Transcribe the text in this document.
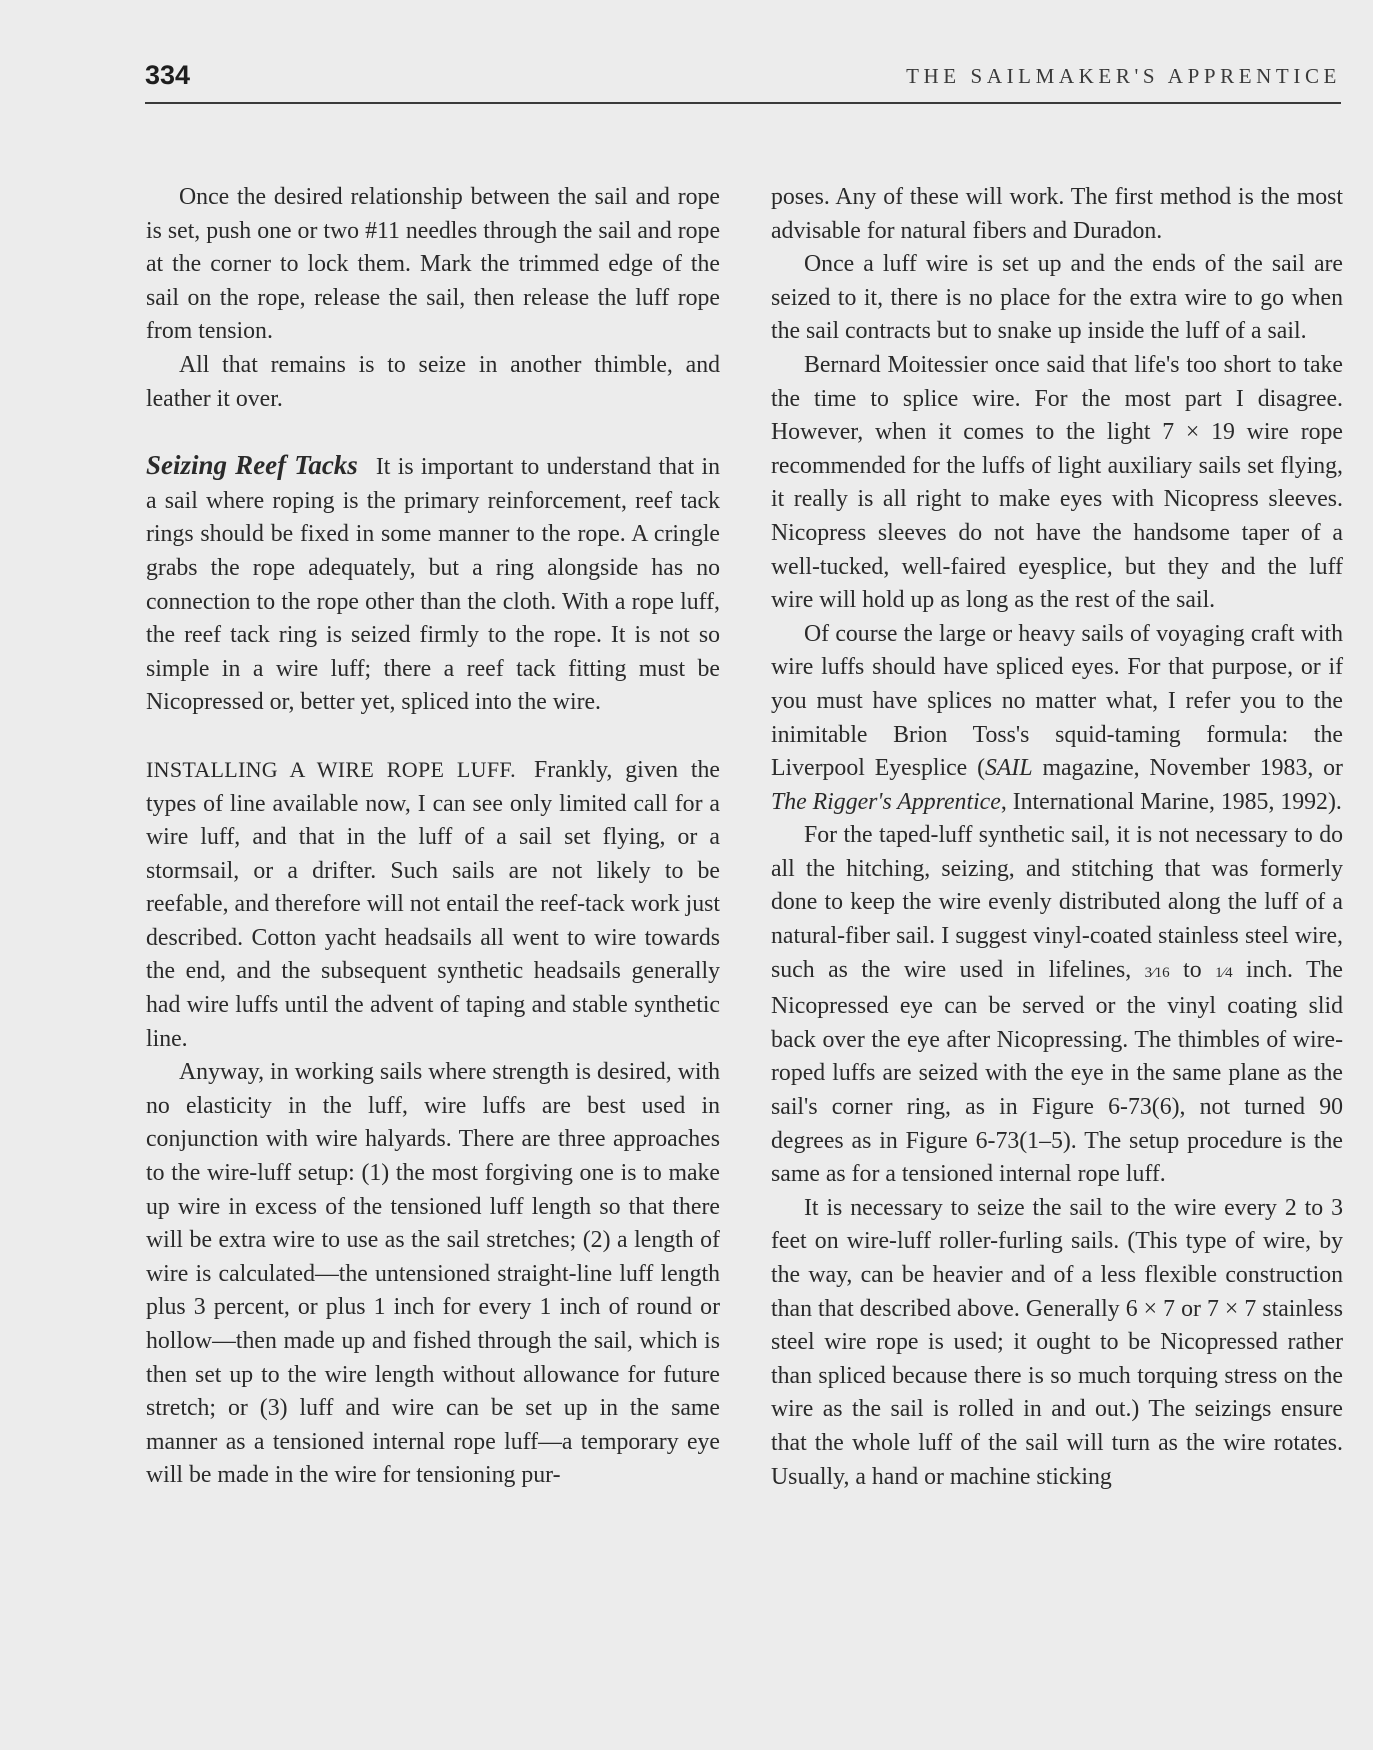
334	THE SAILMAKER'S APPRENTICE

Once the desired relationship between the sail and rope is set, push one or two #11 needles through the sail and rope at the corner to lock them. Mark the trimmed edge of the sail on the rope, release the sail, then release the luff rope from tension.

All that remains is to seize in another thimble, and leather it over.

Seizing Reef Tacks It is important to understand that in a sail where roping is the primary reinforcement, reef tack rings should be fixed in some manner to the rope. A cringle grabs the rope adequately, but a ring alongside has no connection to the rope other than the cloth. With a rope luff, the reef tack ring is seized firmly to the rope. It is not so simple in a wire luff; there a reef tack fitting must be Nicopressed or, better yet, spliced into the wire.

INSTALLING A WIRE ROPE LUFF. Frankly, given the types of line available now, I can see only limited call for a wire luff, and that in the luff of a sail set flying, or a stormsail, or a drifter. Such sails are not likely to be reefable, and therefore will not entail the reef-tack work just described. Cotton yacht headsails all went to wire towards the end, and the subsequent synthetic headsails generally had wire luffs until the advent of taping and stable synthetic line.

Anyway, in working sails where strength is desired, with no elasticity in the luff, wire luffs are best used in conjunction with wire halyards. There are three approaches to the wire-luff setup: (1) the most forgiving one is to make up wire in excess of the tensioned luff length so that there will be extra wire to use as the sail stretches; (2) a length of wire is calculated—the untensioned straight-line luff length plus 3 percent, or plus 1 inch for every 1 inch of round or hollow—then made up and fished through the sail, which is then set up to the wire length without allowance for future stretch; or (3) luff and wire can be set up in the same manner as a tensioned internal rope luff—a temporary eye will be made in the wire for tensioning pur-

poses. Any of these will work. The first method is the most advisable for natural fibers and Duradon.

Once a luff wire is set up and the ends of the sail are seized to it, there is no place for the extra wire to go when the sail contracts but to snake up inside the luff of a sail.

Bernard Moitessier once said that life's too short to take the time to splice wire. For the most part I disagree. However, when it comes to the light 7 × 19 wire rope recommended for the luffs of light auxiliary sails set flying, it really is all right to make eyes with Nicopress sleeves. Nicopress sleeves do not have the handsome taper of a well-tucked, well-faired eyesplice, but they and the luff wire will hold up as long as the rest of the sail.

Of course the large or heavy sails of voyaging craft with wire luffs should have spliced eyes. For that purpose, or if you must have splices no matter what, I refer you to the inimitable Brion Toss's squid-taming formula: the Liverpool Eyesplice (SAIL magazine, November 1983, or The Rigger's Apprentice, International Marine, 1985, 1992).

For the taped-luff synthetic sail, it is not necessary to do all the hitching, seizing, and stitching that was formerly done to keep the wire evenly distributed along the luff of a natural-fiber sail. I suggest vinyl-coated stainless steel wire, such as the wire used in lifelines, 3⁄16 to 1⁄4 inch. The Nicopressed eye can be served or the vinyl coating slid back over the eye after Nicopressing. The thimbles of wire-roped luffs are seized with the eye in the same plane as the sail's corner ring, as in Figure 6-73(6), not turned 90 degrees as in Figure 6-73(1–5). The setup procedure is the same as for a tensioned internal rope luff.

It is necessary to seize the sail to the wire every 2 to 3 feet on wire-luff roller-furling sails. (This type of wire, by the way, can be heavier and of a less flexible construction than that described above. Generally 6 × 7 or 7 × 7 stainless steel wire rope is used; it ought to be Nicopressed rather than spliced because there is so much torquing stress on the wire as the sail is rolled in and out.) The seizings ensure that the whole luff of the sail will turn as the wire rotates. Usually, a hand or machine sticking
